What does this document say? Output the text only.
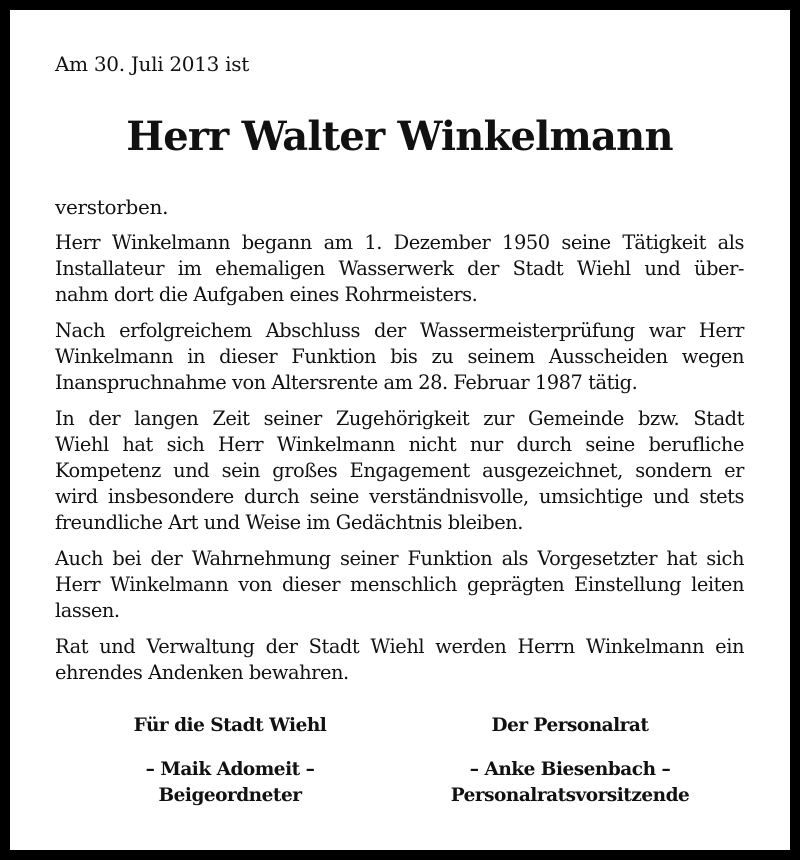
Am 30. Juli 2013 ist
Herr Walter Winkelmann
verstorben.

Herr Winkelmann begann am 1. Dezember 1950 seine Tätigkeit als
Installateur im ehemaligen Wasserwerk der Stadt Wiehl und über-
nahm dort die Aufgaben eines Rohrmeisters.

Nach erfolgreichem Abschluss der Wassermeisterprüfung war Herr
Winkelmann in dieser Funktion bis zu seinem Ausscheiden wegen
Inanspruchnahme von Altersrente am 28. Februar 1987 tätig.

In der langen Zeit seiner Zugehörigkeit zur Gemeinde bzw. Stadt
Wiehl hat sich Herr Winkelmann nicht nur durch seine berufliche
Kompetenz und sein großes Engagement ausgezeichnet, sondern er
wird insbesondere durch seine verständnisvolle, umsichtige und stets
freundliche Art und Weise im Gedächtnis bleiben.

Auch bei der Wahrnehmung seiner Funktion als Vorgesetzter hat sich
Herr Winkelmann von dieser menschlich geprägten Einstellung leiten
lassen.

Rat und Verwaltung der Stadt Wiehl werden Herrn Winkelmann ein
ehrendes Andenken bewahren.

Für die Stadt Wiehl
– Maik Adomeit –
Beigeordneter
Der Personalrat
– Anke Biesenbach –
Personalratsvorsitzende
